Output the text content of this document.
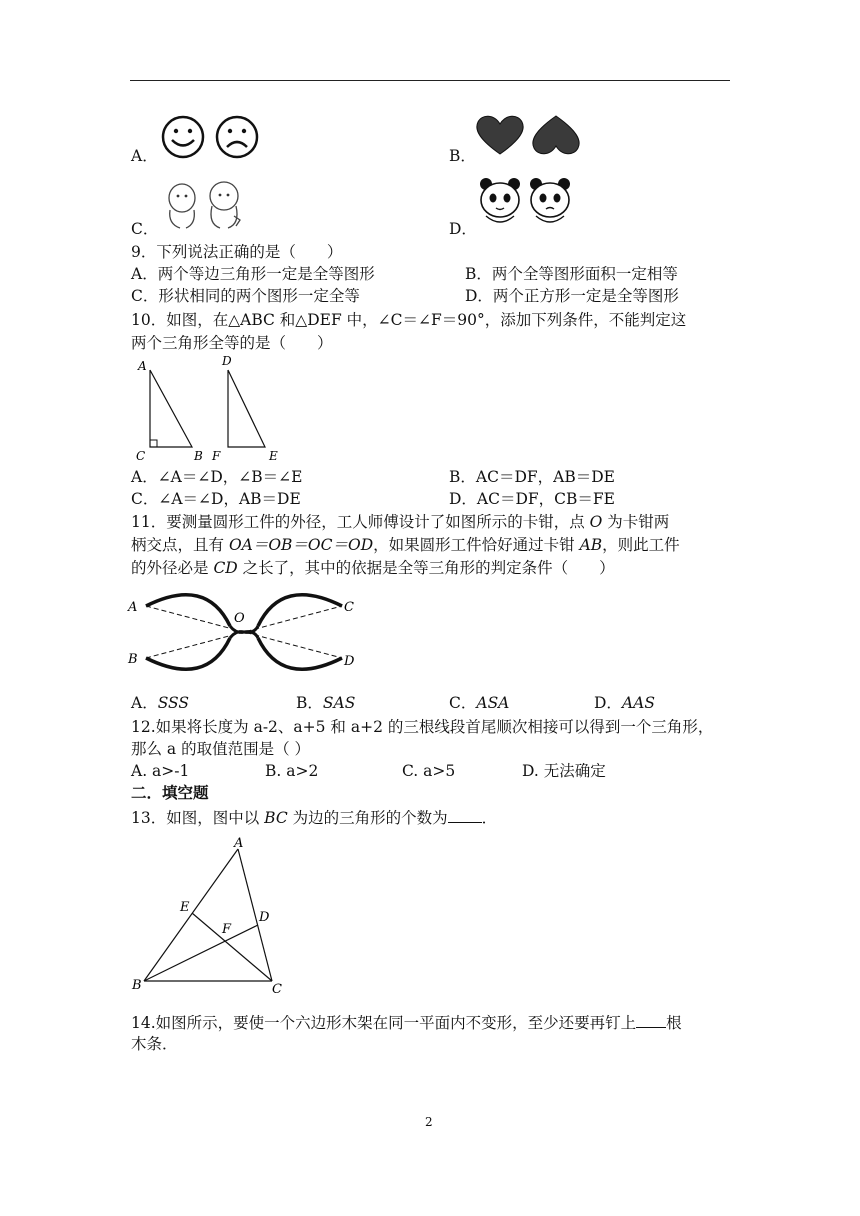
A．	B．
C．	D．
9．下列说法正确的是（　　）
A．两个等边三角形一定是全等图形	B．两个全等图形面积一定相等
C．形状相同的两个图形一定全等	D．两个正方形一定是全等图形
10．如图，在△ABC 和△DEF 中，∠C＝∠F＝90°，添加下列条件，不能判定这
两个三角形全等的是（　　）
A
C	B
D
F	E
A．∠A＝∠D，∠B＝∠E	B．AC＝DF，AB＝DE
C．∠A＝∠D，AB＝DE	D．AC＝DF，CB＝FE
11．要测量圆形工件的外径，工人师傅设计了如图所示的卡钳，点 O 为卡钳两
柄交点，且有 OA＝OB＝OC＝OD，如果圆形工件恰好通过卡钳 AB，则此工件
的外径必是 CD 之长了，其中的依据是全等三角形的判定条件（　　）
A
B
O
C
D
A．SSS	B．SAS	C．ASA	D．AAS
12.如果将长度为 a-2、a+5 和 a+2 的三根线段首尾顺次相接可以得到一个三角形，
那么 a 的取值范围是（ ）
A. a>-1	B. a>2	C. a>5	D. 无法确定
二．填空题
13．如图，图中以 BC 为边的三角形的个数为 ．
A
E
D
F
B	C
14.如图所示，要使一个六边形木架在同一平面内不变形，至少还要再钉上 根
木条．
2
